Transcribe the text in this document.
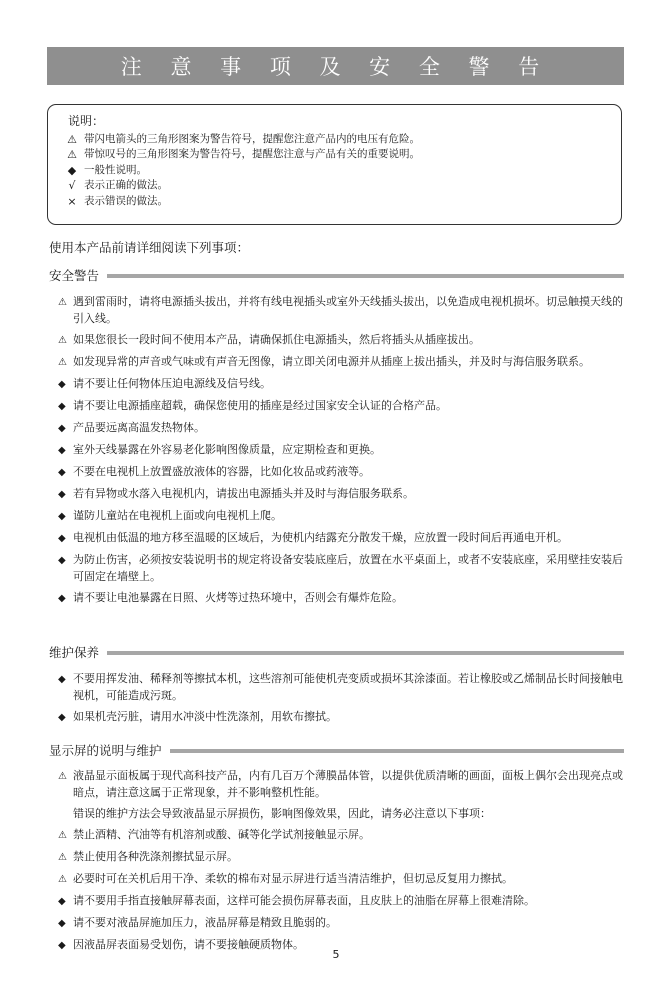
注 意 事 项 及 安 全 警 告
说明：
⚠ 带闪电箭头的三角形图案为警告符号，提醒您注意产品内的电压有危险。
⚠ 带惊叹号的三角形图案为警告符号，提醒您注意与产品有关的重要说明。
◆ 一般性说明。
√ 表示正确的做法。
× 表示错误的做法。
使用本产品前请详细阅读下列事项：
安全警告
⚠ 遇到雷雨时，请将电源插头拔出，并将有线电视插头或室外天线插头拔出，以免造成电视机损坏。切忌触摸天线的引入线。
⚠ 如果您很长一段时间不使用本产品，请确保抓住电源插头，然后将插头从插座拔出。
⚠ 如发现异常的声音或气味或有声音无图像，请立即关闭电源并从插座上拔出插头，并及时与海信服务联系。
◆ 请不要让任何物体压迫电源线及信号线。
◆ 请不要让电源插座超载，确保您使用的插座是经过国家安全认证的合格产品。
◆ 产品要远离高温发热物体。
◆ 室外天线暴露在外容易老化影响图像质量，应定期检查和更换。
◆ 不要在电视机上放置盛放液体的容器，比如化妆品或药液等。
◆ 若有异物或水落入电视机内，请拔出电源插头并及时与海信服务联系。
◆ 谨防儿童站在电视机上面或向电视机上爬。
◆ 电视机由低温的地方移至温暖的区域后，为使机内结露充分散发干燥，应放置一段时间后再通电开机。
◆ 为防止伤害，必须按安装说明书的规定将设备安装底座后，放置在水平桌面上，或者不安装底座，采用壁挂安装后可固定在墙壁上。
◆ 请不要让电池暴露在日照、火烤等过热环境中，否则会有爆炸危险。
维护保养
◆ 不要用挥发油、稀释剂等擦拭本机，这些溶剂可能使机壳变质或损坏其涂漆面。若让橡胶或乙烯制品长时间接触电视机，可能造成污斑。
◆ 如果机壳污脏，请用水冲淡中性洗涤剂，用软布擦拭。
显示屏的说明与维护
⚠ 液晶显示面板属于现代高科技产品，内有几百万个薄膜晶体管，以提供优质清晰的画面，面板上偶尔会出现亮点或暗点，请注意这属于正常现象，并不影响整机性能。
错误的维护方法会导致液晶显示屏损伤，影响图像效果，因此，请务必注意以下事项：
⚠ 禁止酒精、汽油等有机溶剂或酸、碱等化学试剂接触显示屏。
⚠ 禁止使用各种洗涤剂擦拭显示屏。
⚠ 必要时可在关机后用干净、柔软的棉布对显示屏进行适当清洁维护，但切忌反复用力擦拭。
◆ 请不要用手指直接触屏幕表面，这样可能会损伤屏幕表面，且皮肤上的油脂在屏幕上很难清除。
◆ 请不要对液晶屏施加压力，液晶屏幕是精致且脆弱的。
◆ 因液晶屏表面易受划伤，请不要接触硬质物体。
5
